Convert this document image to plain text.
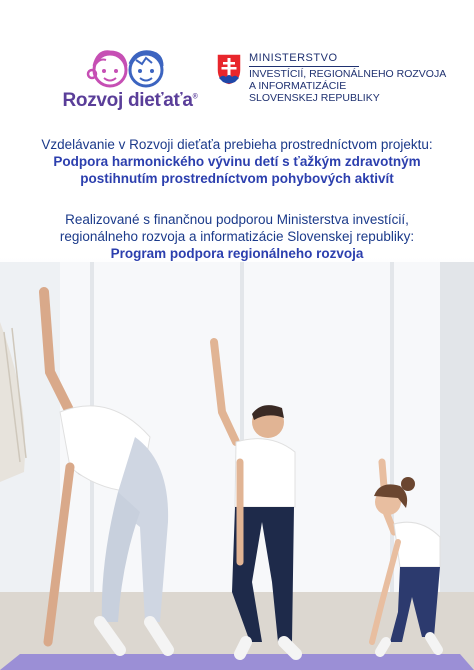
Rozvoj dieťaťa®
MINISTERSTVO
INVESTÍCIÍ, REGIONÁLNEHO ROZVOJA
A INFORMATIZÁCIE
SLOVENSKEJ REPUBLIKY
Vzdelávanie v Rozvoji dieťaťa prebieha prostredníctvom projektu:
Podpora harmonického vývinu detí s ťažkým zdravotným
postihnutím prostredníctvom pohybových aktivít
Realizované s finančnou podporou Ministerstva investícií,
regionálneho rozvoja a informatizácie Slovenskej republiky:
Program podpora regionálneho rozvoja
